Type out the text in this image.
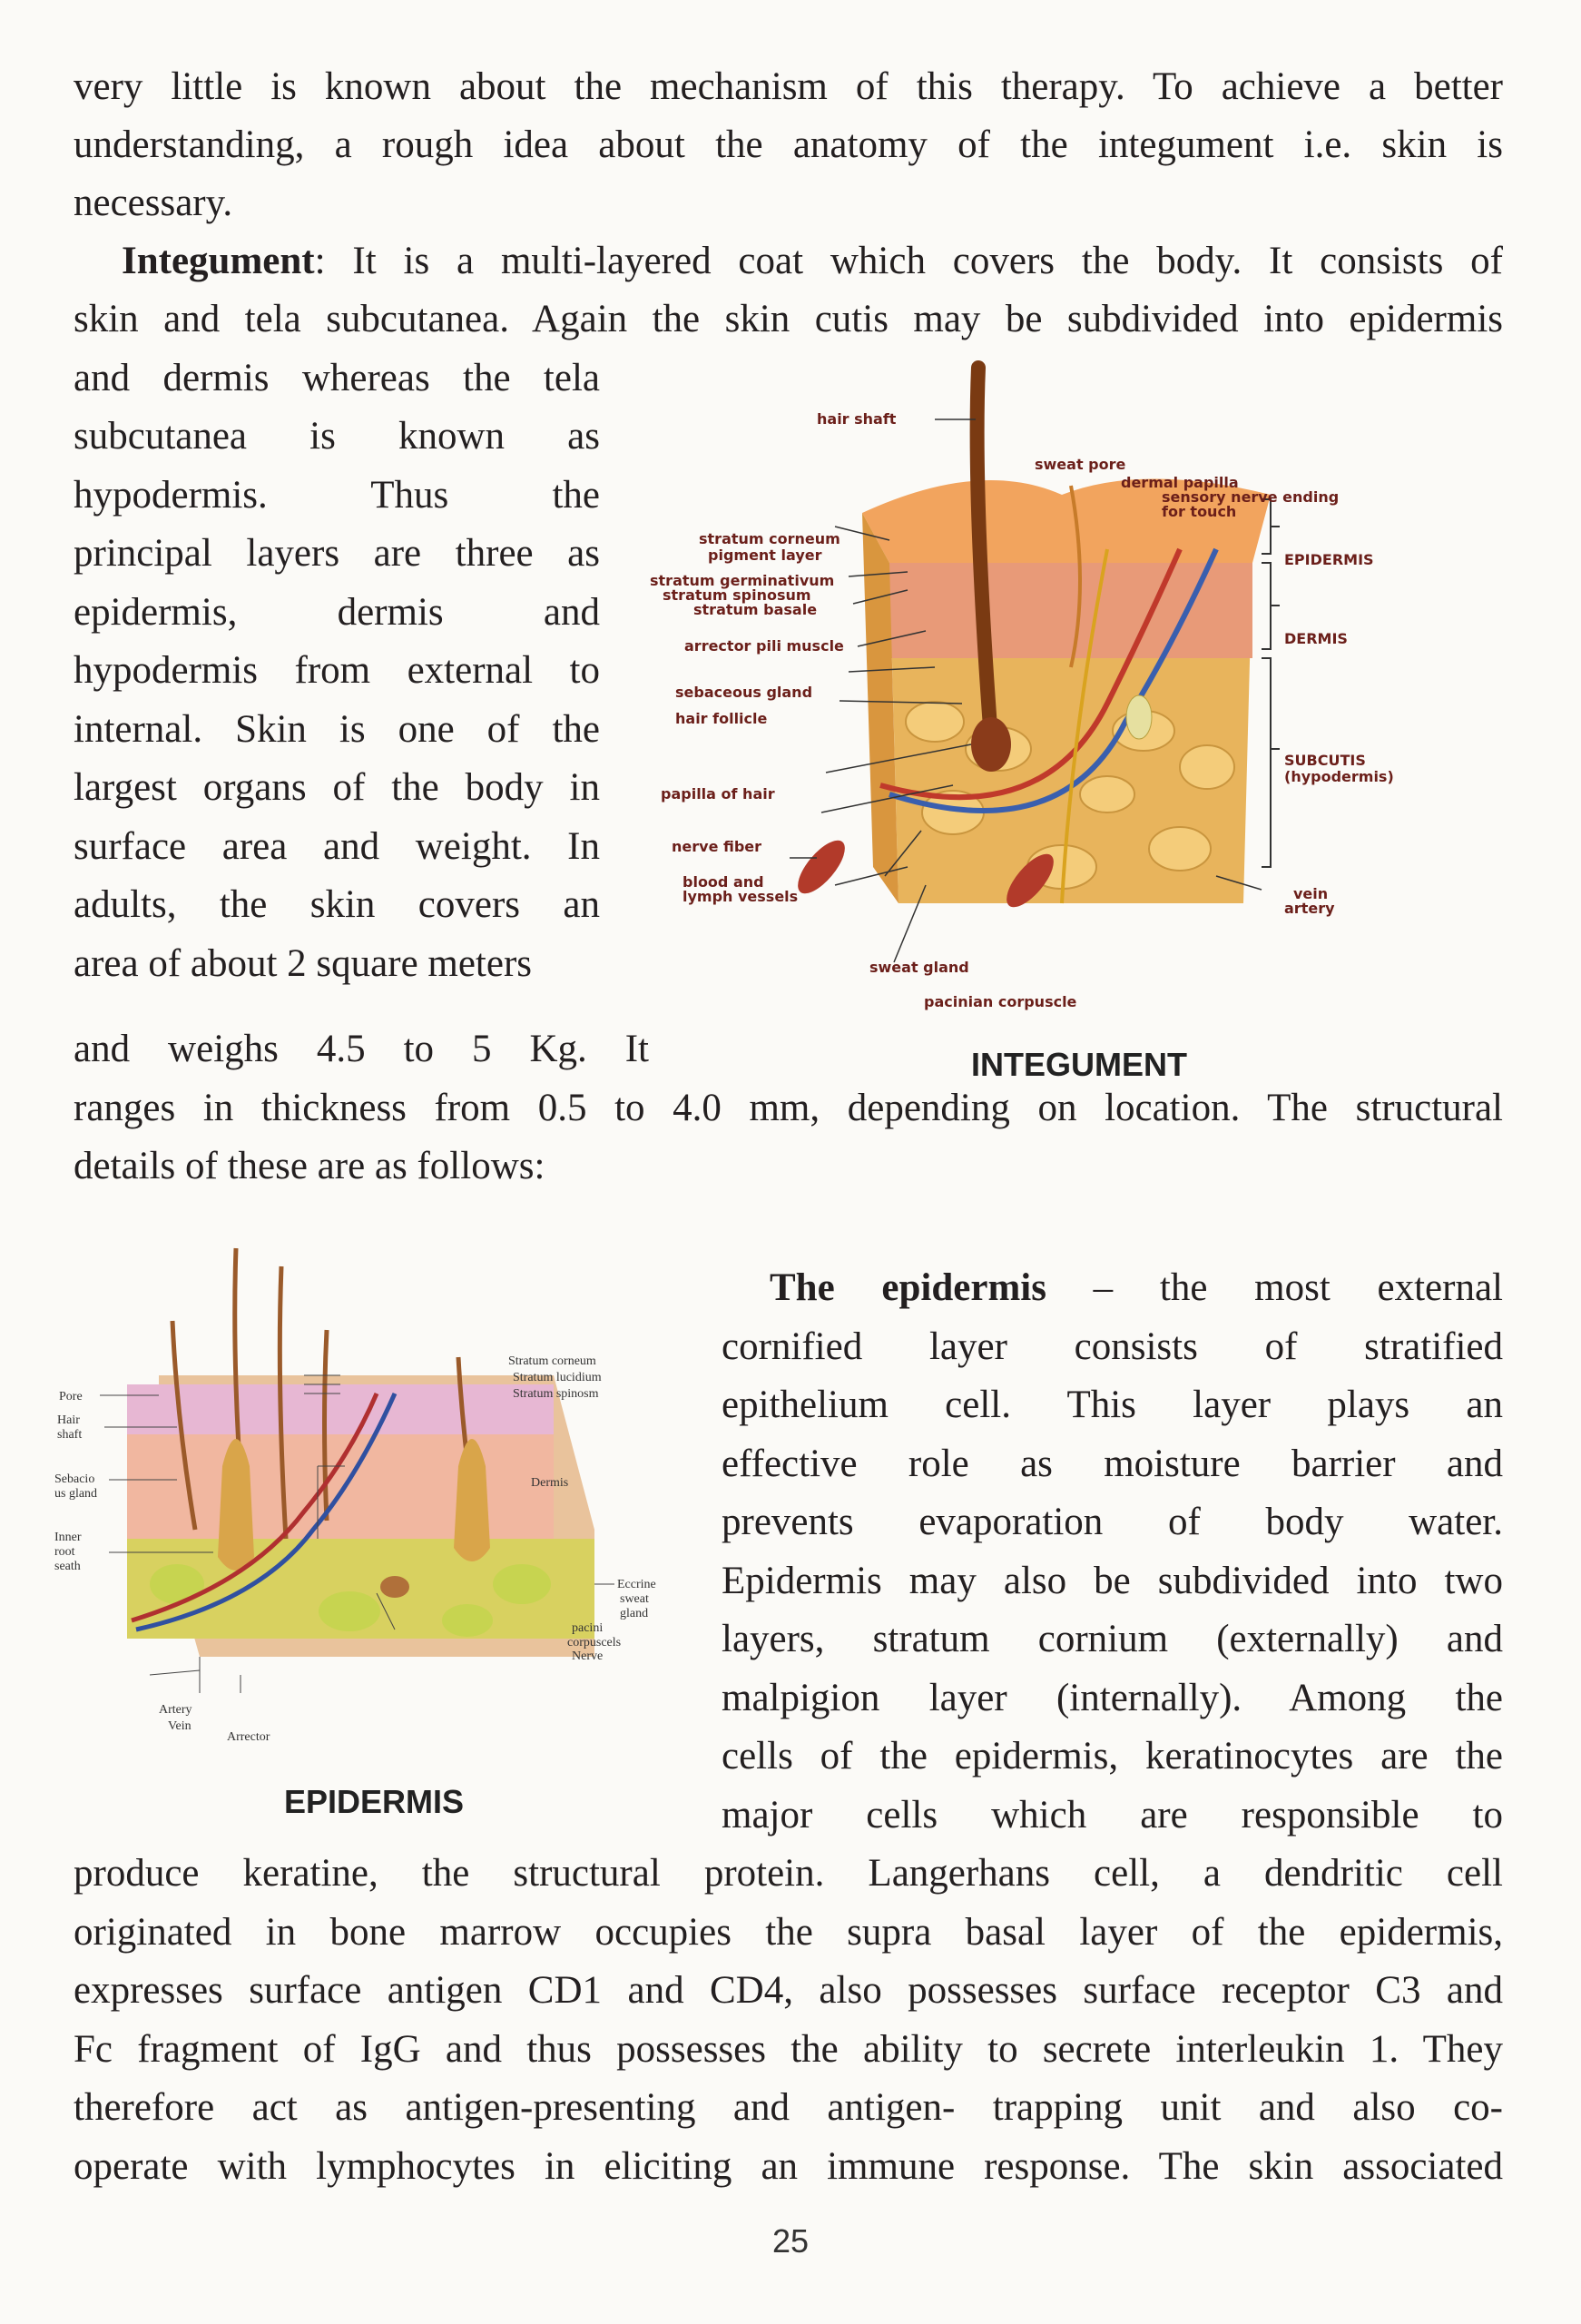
very little is known about the mechanism of this therapy. To achieve a better
understanding, a rough idea about the anatomy of the integument i.e. skin is
necessary.
Integument: It is a multi-layered coat which covers the body. It consists of
skin and tela subcutanea. Again the skin cutis may be subdivided into epidermis
and dermis whereas the tela
subcutanea is known as
hypodermis. Thus the
principal layers are three as
epidermis, dermis and
hypodermis from external to
internal. Skin is one of the
largest organs of the body in
surface area and weight. In
adults, the skin covers an
area of about 2 square meters
and weighs 4.5 to 5 Kg. It
ranges in thickness from 0.5 to 4.0 mm, depending on location. The structural
details of these are as follows:
hair shaft
sweat pore
dermal papilla
sensory nerve ending
for touch
stratum corneum
pigment layer
stratum germinativum
stratum spinosum
stratum basale
arrector pili muscle
sebaceous gland
hair follicle
papilla of hair
nerve fiber
blood and
lymph vessels
sweat gland
pacinian corpuscle
EPIDERMIS
DERMIS
SUBCUTIS
(hypodermis)
vein
artery
INTEGUMENT
Pore
Hair
shaft
Sebacio
us gland
Inner
root
seath
Stratum corneum
Stratum lucidium
Stratum spinosm
Dermis
Eccrine
sweat
gland
pacini
corpuscels
Nerve
Artery
Vein
Arrector
EPIDERMIS
The epidermis – the most external
cornified layer consists of stratified
epithelium cell. This layer plays an
effective role as moisture barrier and
prevents evaporation of body water.
Epidermis may also be subdivided into two
layers, stratum cornium (externally) and
malpigion layer (internally). Among the
cells of the epidermis, keratinocytes are the
major cells which are responsible to
produce keratine, the structural protein. Langerhans cell, a dendritic cell
originated in bone marrow occupies the supra basal layer of the epidermis,
expresses surface antigen CD1 and CD4, also possesses surface receptor C3 and
Fc fragment of IgG and thus possesses the ability to secrete interleukin 1. They
therefore act as antigen-presenting and antigen- trapping unit and also co-
operate with lymphocytes in eliciting an immune response. The skin associated
25
